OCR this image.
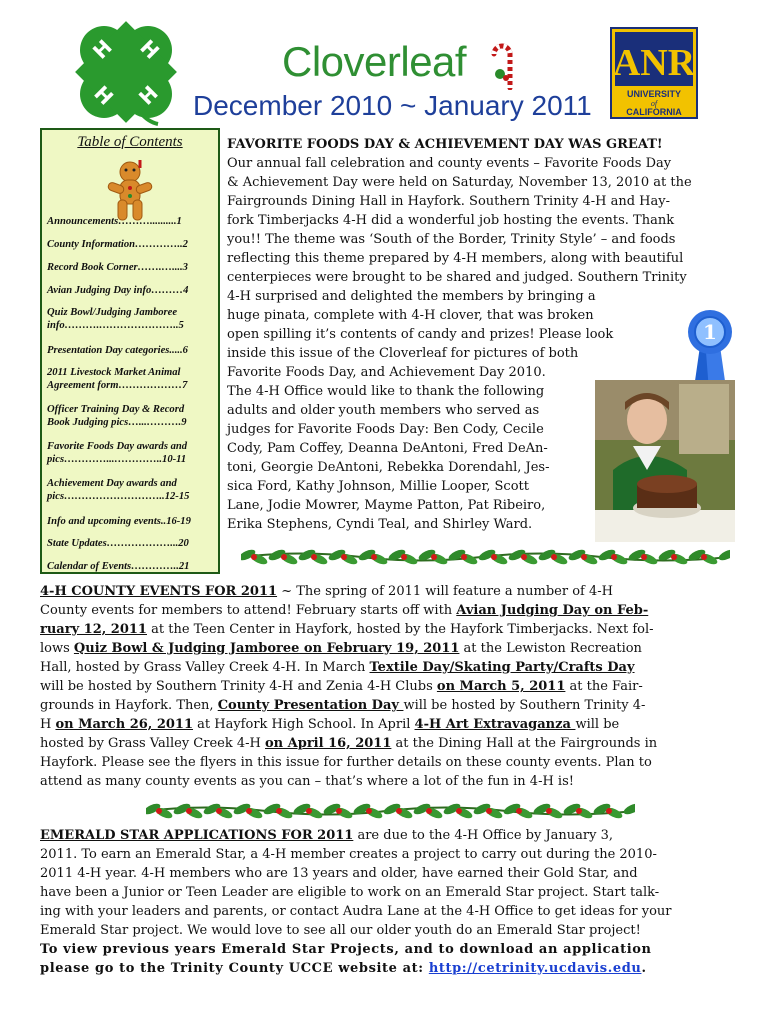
H H
H H
Cloverleaf
December 2010 ~ January 2011
ANR
UNIVERSITY
of
CALIFORNIA
Table of Contents
Announcements………..........1
County Information…………..2
Record Book Corner…….…....3
Avian Judging Day info………4
Quiz Bowl/Judging Jamboree
info……….…………………..5
Presentation Day categories.....6
2011 Livestock Market Animal
Agreement form………………7
Officer Training Day & Record
Book Judging pics…...……….9
Favorite Foods Day awards and
pics…………...…………..10-11
Achievement Day awards and
pics………………………..12-15
Info and upcoming events..16-19
State Updates………………...20
Calendar of Events…………..21
FAVORITE FOODS DAY & ACHIEVEMENT DAY WAS GREAT!
Our annual fall celebration and county events – Favorite Foods Day
& Achievement Day were held on Saturday, November 13, 2010 at the
Fairgrounds Dining Hall in Hayfork. Southern Trinity 4-H and Hay-
fork Timberjacks 4-H did a wonderful job hosting the events. Thank
you!! The theme was ‘South of the Border, Trinity Style’ – and foods
reflecting this theme prepared by 4-H members, along with beautiful
centerpieces were brought to be shared and judged. Southern Trinity
4-H surprised and delighted the members by bringing a
huge pinata, complete with 4-H clover, that was broken
open spilling it’s contents of candy and prizes! Please look
inside this issue of the Cloverleaf for pictures of both
Favorite Foods Day, and Achievement Day 2010.
The 4-H Office would like to thank the following
adults and older youth members who served as
judges for Favorite Foods Day: Ben Cody, Cecile
Cody, Pam Coffey, Deanna DeAntoni, Fred DeAn-
toni, Georgie DeAntoni, Rebekka Dorendahl, Jes-
sica Ford, Kathy Johnson, Millie Looper, Scott
Lane, Jodie Mowrer, Mayme Patton, Pat Ribeiro,
Erika Stephens, Cyndi Teal, and Shirley Ward.
1
4-H COUNTY EVENTS FOR 2011 ~ The spring of 2011 will feature a number of 4-H
County events for members to attend! February starts off with Avian Judging Day on Feb-
ruary 12, 2011 at the Teen Center in Hayfork, hosted by the Hayfork Timberjacks. Next fol-
lows Quiz Bowl & Judging Jamboree on February 19, 2011 at the Lewiston Recreation
Hall, hosted by Grass Valley Creek 4-H. In March Textile Day/Skating Party/Crafts Day
will be hosted by Southern Trinity 4-H and Zenia 4-H Clubs on March 5, 2011 at the Fair-
grounds in Hayfork. Then, County Presentation Day will be hosted by Southern Trinity 4-
H on March 26, 2011 at Hayfork High School. In April 4-H Art Extravaganza will be
hosted by Grass Valley Creek 4-H on April 16, 2011 at the Dining Hall at the Fairgrounds in
Hayfork. Please see the flyers in this issue for further details on these county events. Plan to
attend as many county events as you can – that’s where a lot of the fun in 4-H is!
EMERALD STAR APPLICATIONS FOR 2011 are due to the 4-H Office by January 3,
2011. To earn an Emerald Star, a 4-H member creates a project to carry out during the 2010-
2011 4-H year. 4-H members who are 13 years and older, have earned their Gold Star, and
have been a Junior or Teen Leader are eligible to work on an Emerald Star project. Start talk-
ing with your leaders and parents, or contact Audra Lane at the 4-H Office to get ideas for your
Emerald Star project. We would love to see all our older youth do an Emerald Star project!
To view previous years Emerald Star Projects, and to download an application
please go to the Trinity County UCCE website at: http://cetrinity.ucdavis.edu.
